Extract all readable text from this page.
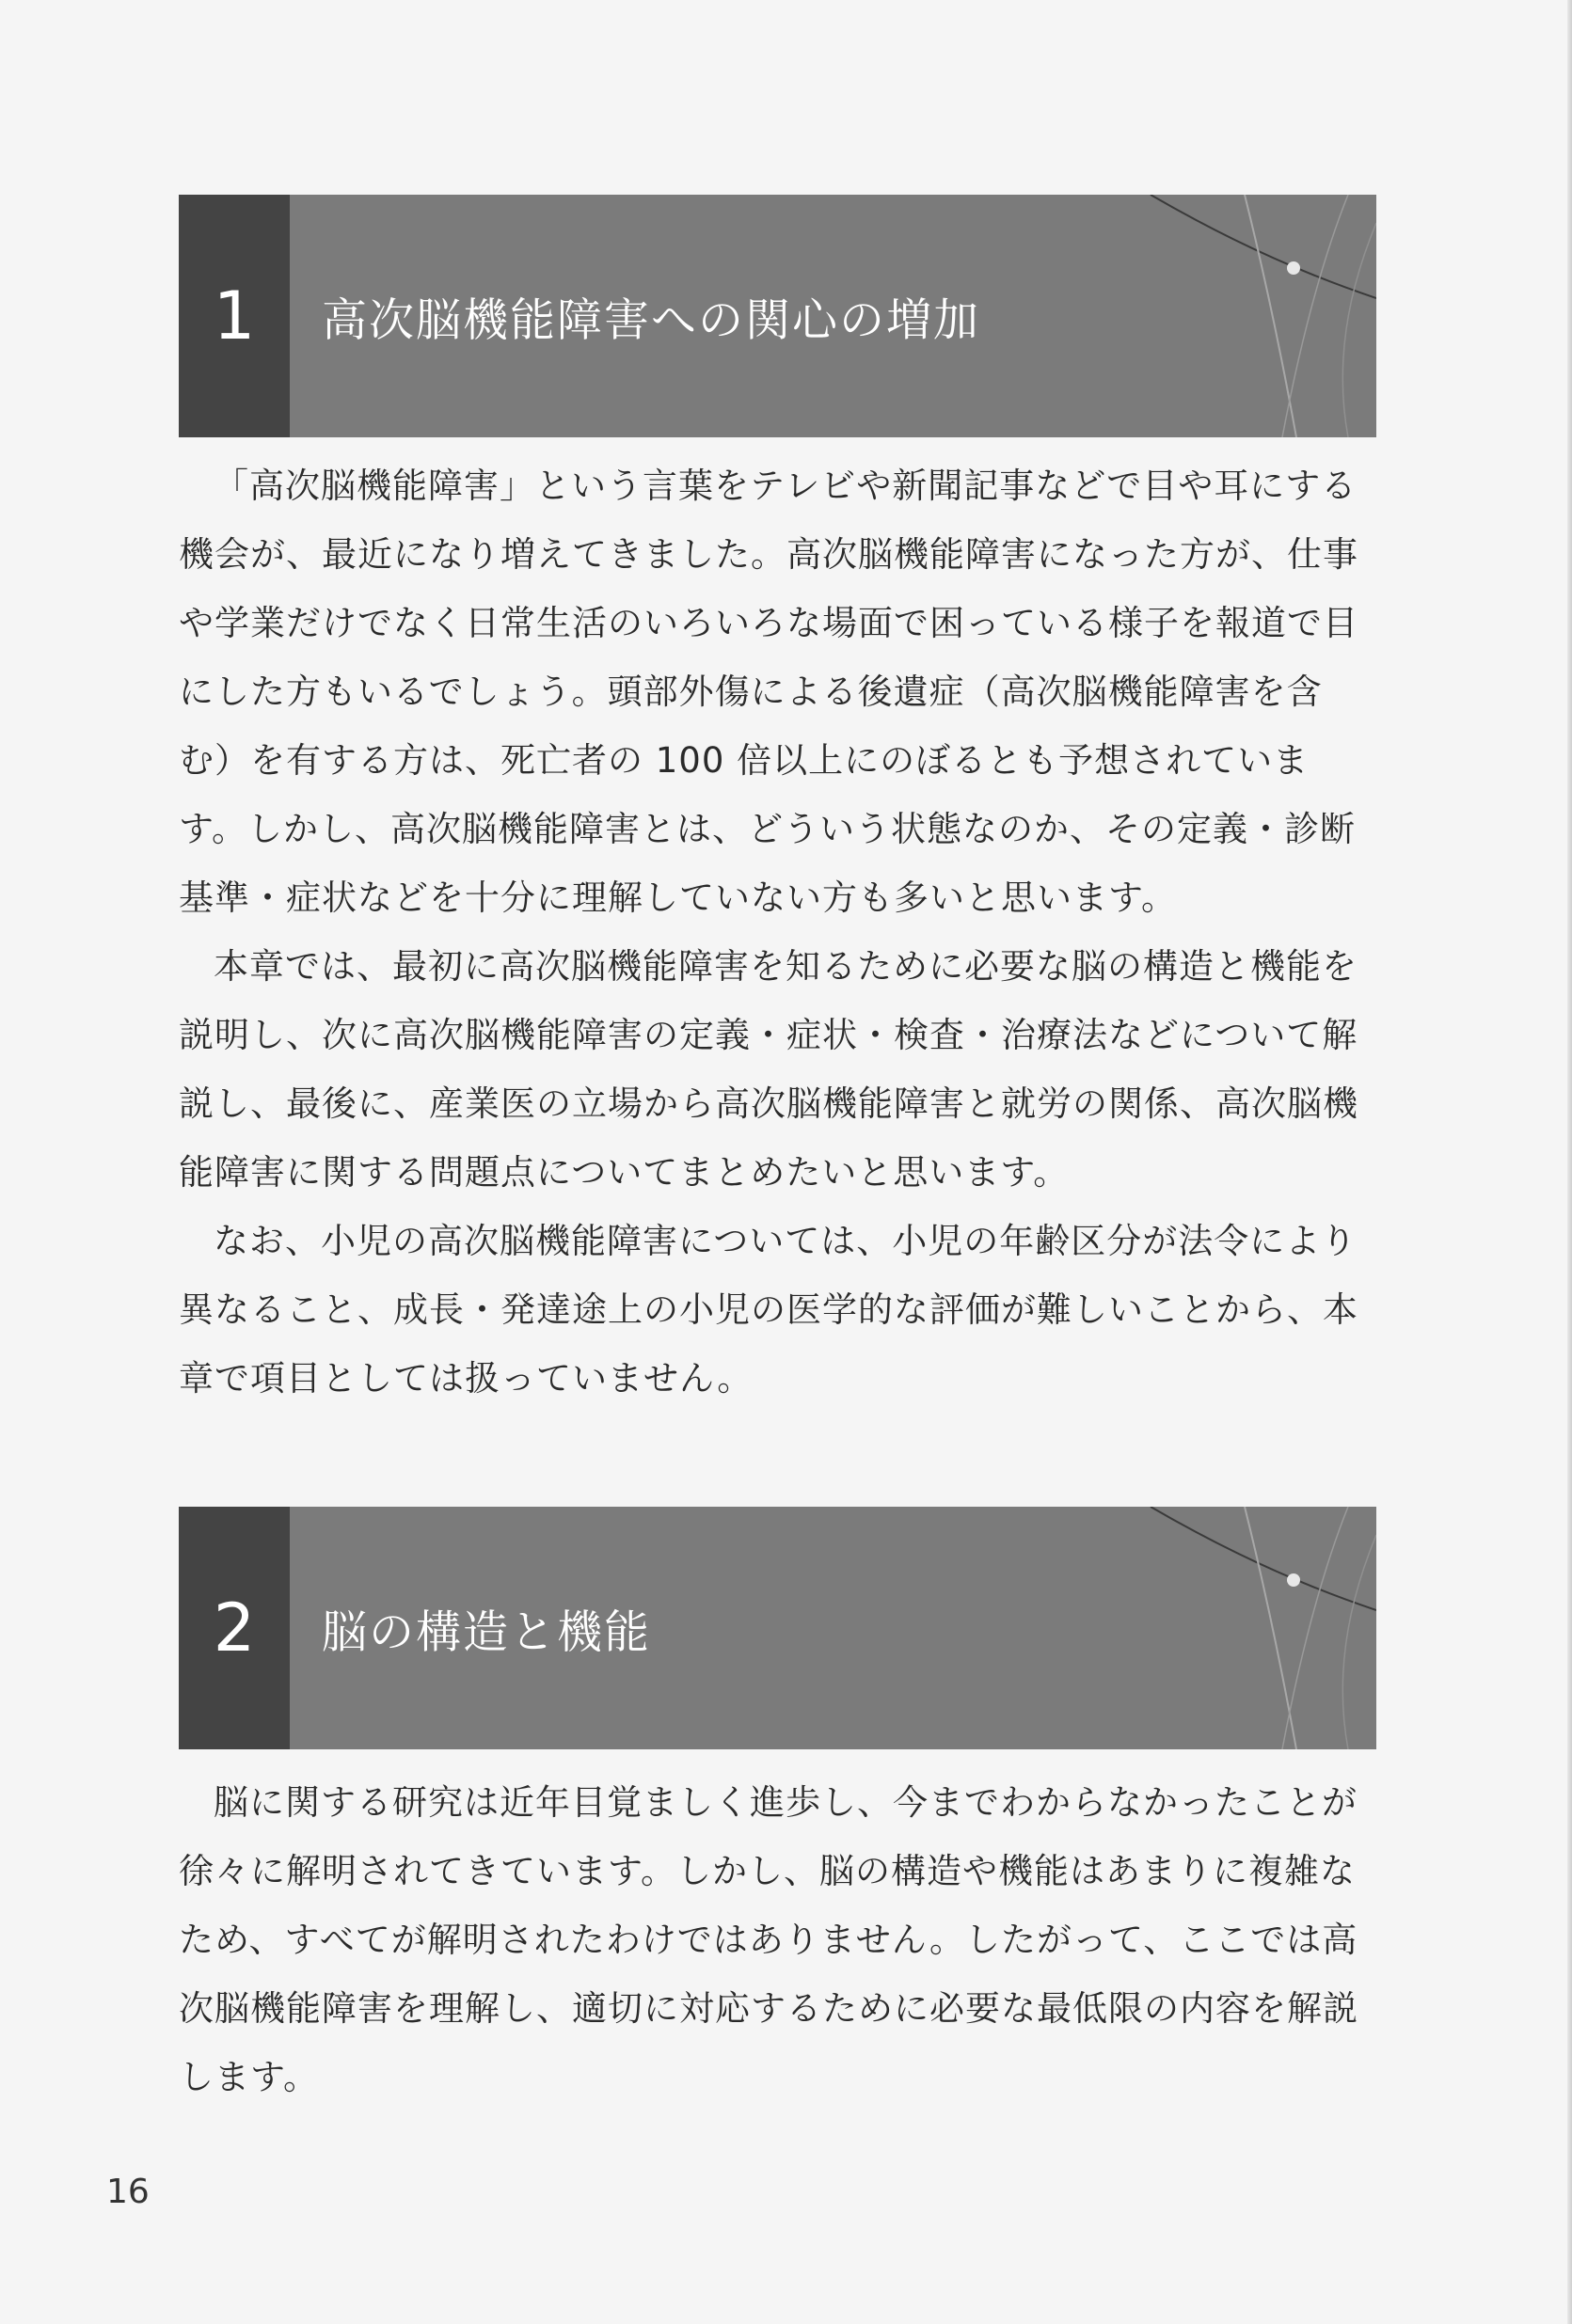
1 高次脳機能障害への関心の増加

「高次脳機能障害」という言葉をテレビや新聞記事などで目や耳にする機会が、最近になり増えてきました。高次脳機能障害になった方が、仕事や学業だけでなく日常生活のいろいろな場面で困っている様子を報道で目にした方もいるでしょう。頭部外傷による後遺症（高次脳機能障害を含む）を有する方は、死亡者の 100 倍以上にのぼるとも予想されています。しかし、高次脳機能障害とは、どういう状態なのか、その定義・診断基準・症状などを十分に理解していない方も多いと思います。

本章では、最初に高次脳機能障害を知るために必要な脳の構造と機能を説明し、次に高次脳機能障害の定義・症状・検査・治療法などについて解説し、最後に、産業医の立場から高次脳機能障害と就労の関係、高次脳機能障害に関する問題点についてまとめたいと思います。

なお、小児の高次脳機能障害については、小児の年齢区分が法令により異なること、成長・発達途上の小児の医学的な評価が難しいことから、本章で項目としては扱っていません。

2 脳の構造と機能

脳に関する研究は近年目覚ましく進歩し、今までわからなかったことが徐々に解明されてきています。しかし、脳の構造や機能はあまりに複雑なため、すべてが解明されたわけではありません。したがって、ここでは高次脳機能障害を理解し、適切に対応するために必要な最低限の内容を解説します。

16
